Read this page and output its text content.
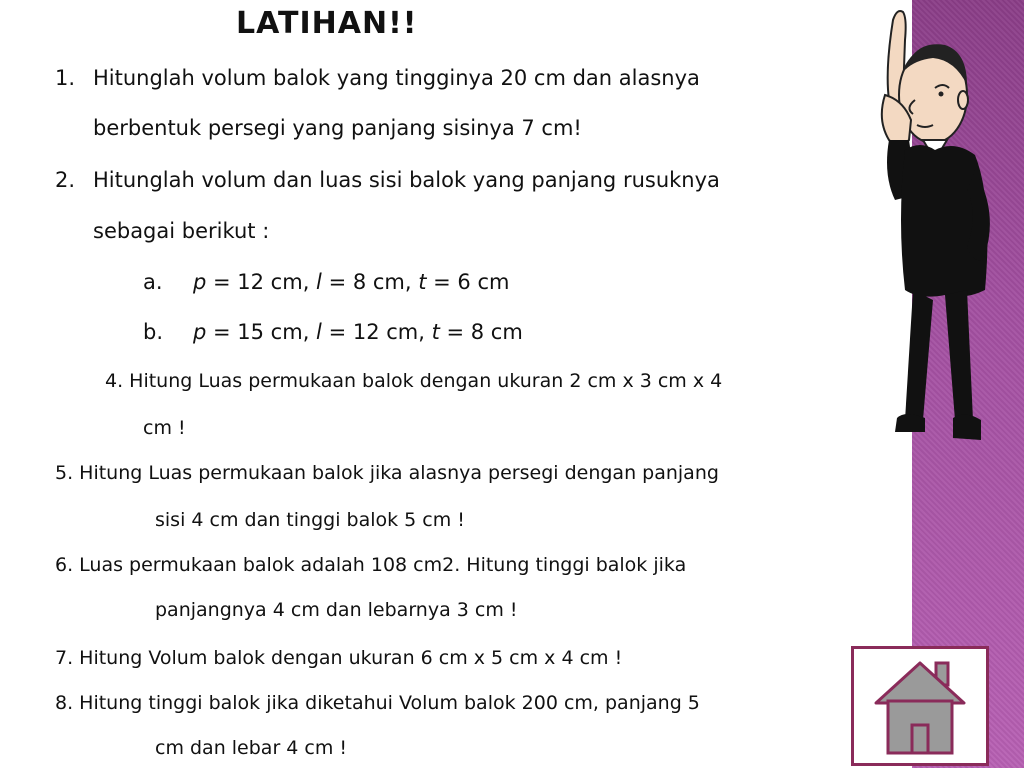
LATIHAN!!

1. Hitunglah volum balok yang tingginya 20 cm dan alasnya

berbentuk persegi yang panjang sisinya 7 cm!

2. Hitunglah volum dan luas sisi balok yang panjang rusuknya

sebagai berikut :

a. p = 12 cm, l = 8 cm, t = 6 cm

b. p = 15 cm, l = 12 cm, t = 8 cm

4. Hitung Luas permukaan balok dengan ukuran 2 cm x 3 cm x 4

cm !

5. Hitung Luas permukaan balok jika alasnya persegi dengan panjang

sisi 4 cm dan tinggi balok 5 cm !

6. Luas permukaan balok adalah 108 cm2. Hitung tinggi balok jika

panjangnya 4 cm dan lebarnya 3 cm !

7. Hitung Volum balok dengan ukuran 6 cm x 5 cm x 4 cm !

8. Hitung tinggi balok jika diketahui Volum balok 200 cm, panjang 5

cm dan lebar 4 cm !
